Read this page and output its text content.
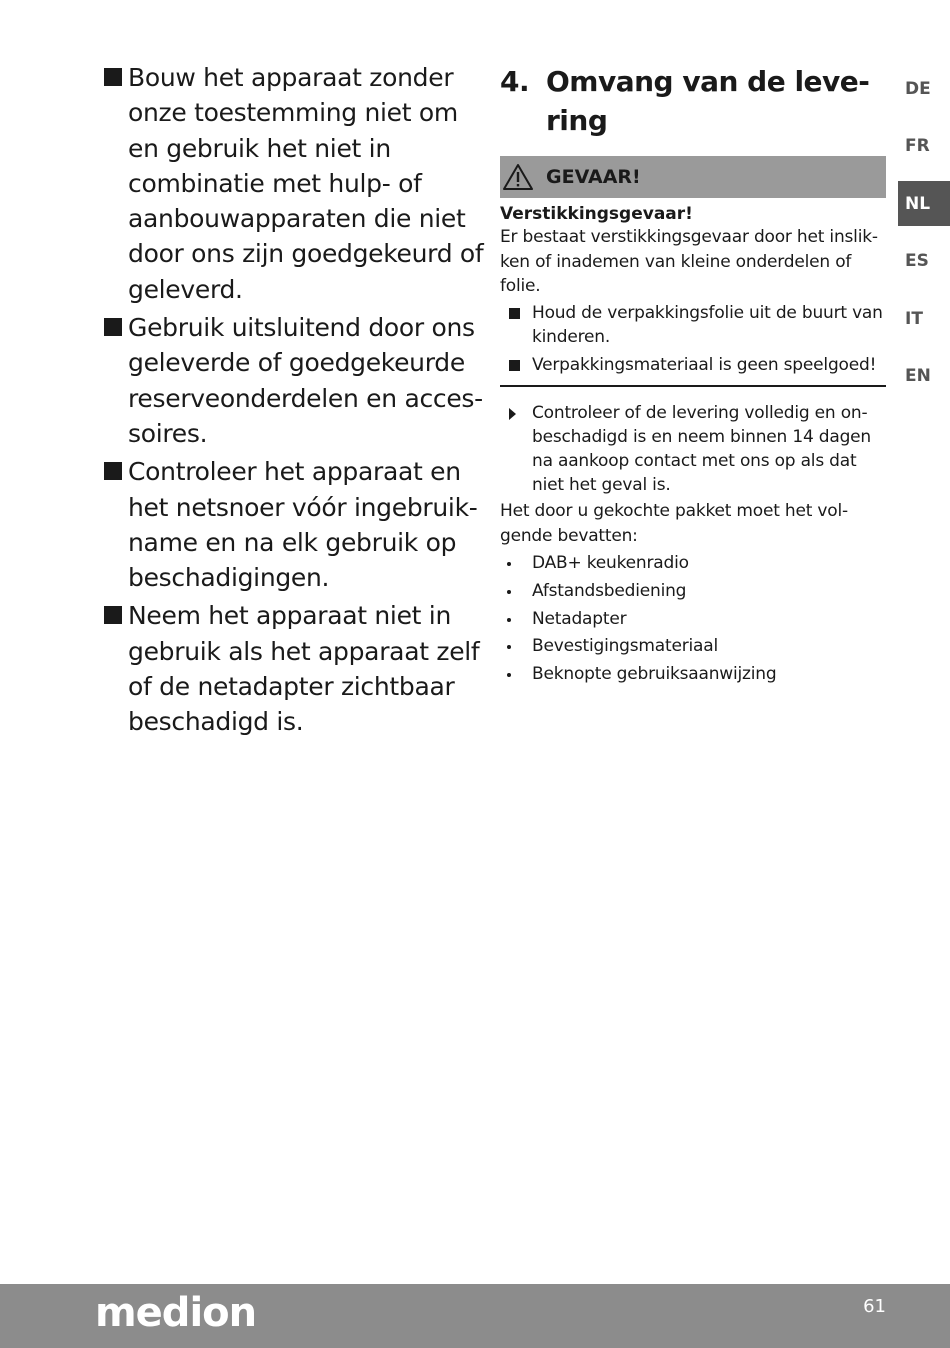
Bouw het apparaat zonder onze toestemming niet om en gebruik het niet in combinatie met hulp- of aanbouwapparaten die niet door ons zijn goedgekeurd of geleverd.
Gebruik uitsluitend door ons geleverde of goedgekeurde reserveonderdelen en accessoires.
Controleer het apparaat en het netsnoer vóór ingebruikname en na elk gebruik op beschadigingen.
Neem het apparaat niet in gebruik als het apparaat zelf of de netadapter zichtbaar beschadigd is.
4. Omvang van de levering
GEVAAR!
Verstikkingsgevaar!
Er bestaat verstikkingsgevaar door het inslikken of inademen van kleine onderdelen of folie.
Houd de verpakkingsfolie uit de buurt van kinderen.
Verpakkingsmateriaal is geen speelgoed!
Controleer of de levering volledig en onbeschadigd is en neem binnen 14 dagen na aankoop contact met ons op als dat niet het geval is.
Het door u gekochte pakket moet het volgende bevatten:
DAB+ keukenradio
Afstandsbediening
Netadapter
Bevestigingsmateriaal
Beknopte gebruiksaanwijzing
DE
FR
NL
ES
IT
EN
medion	61
